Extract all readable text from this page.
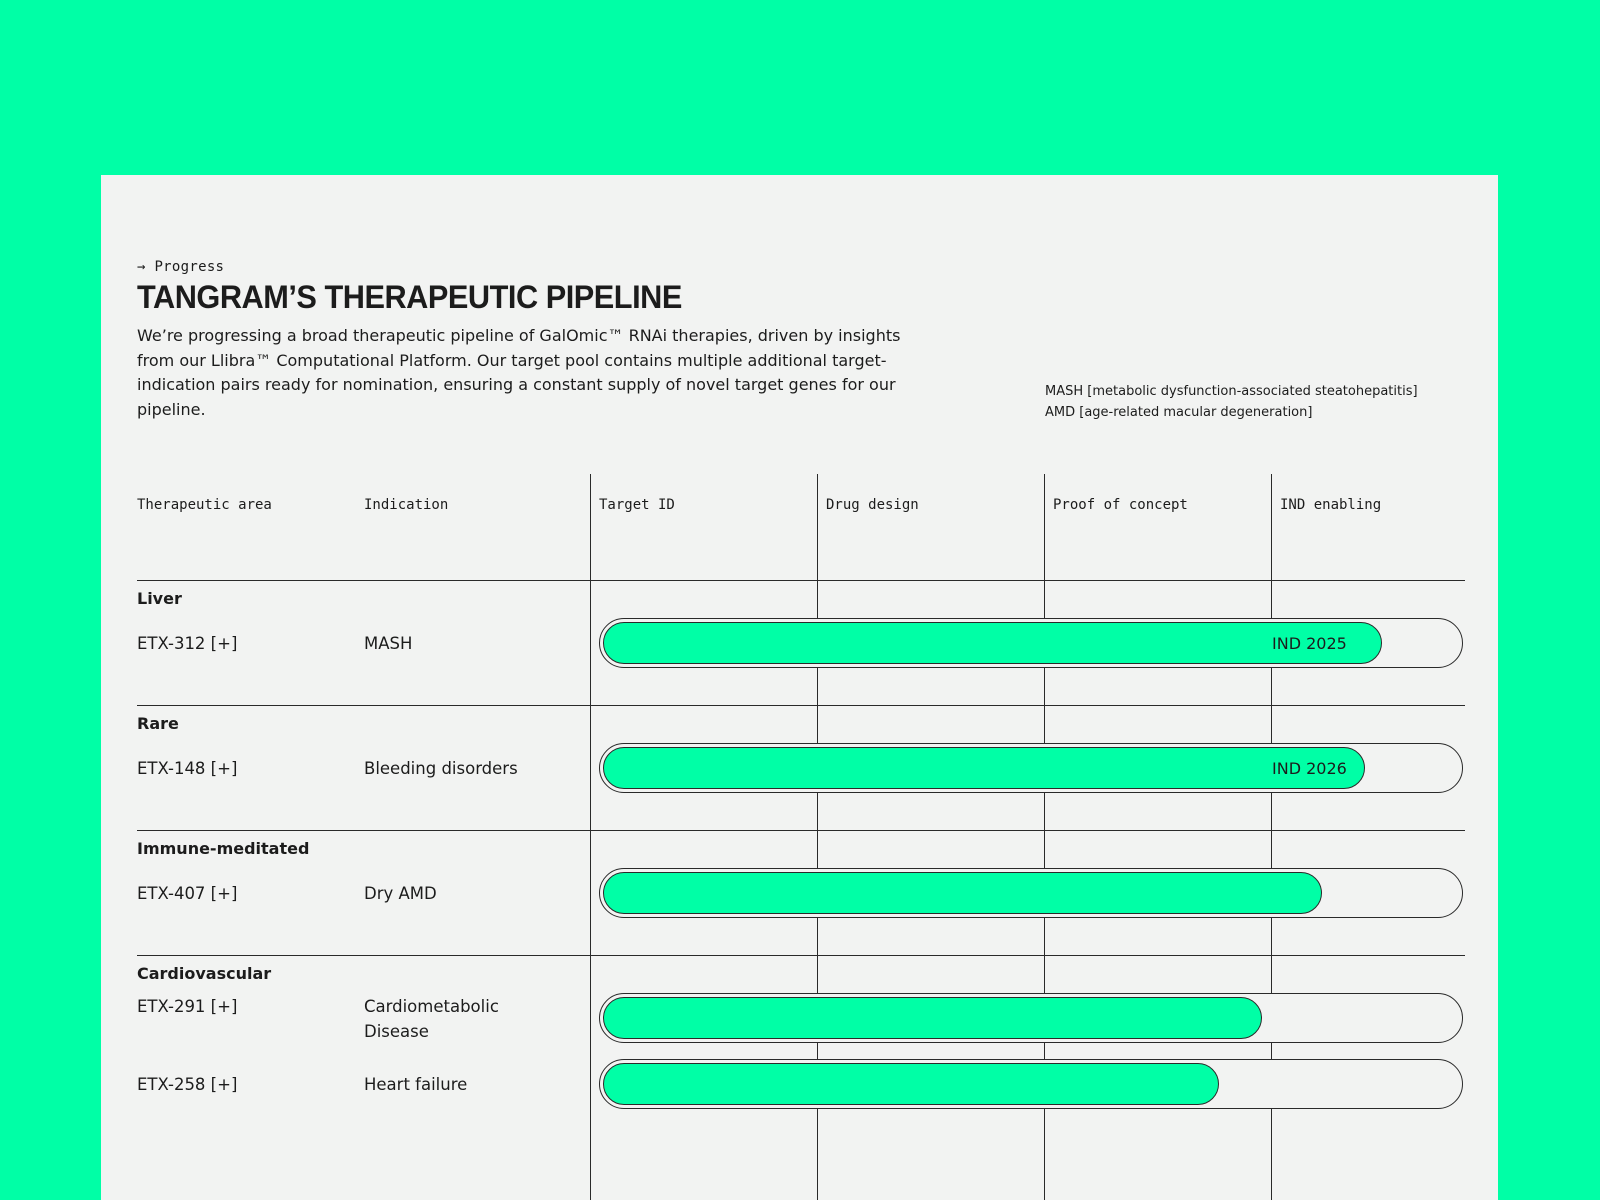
→ Progress
TANGRAM’S THERAPEUTIC PIPELINE

We’re progressing a broad therapeutic pipeline of GalOmic™ RNAi therapies, driven by insights from our Llibra™ Computational Platform. Our target pool contains multiple additional target-indication pairs ready for nomination, ensuring a constant supply of novel target genes for our pipeline.

MASH [metabolic dysfunction-associated steatohepatitis]
AMD [age-related macular degeneration]
Therapeutic area	Indication	Target ID	Drug design	Proof of concept	IND enabling
Liver
ETX-312 [+]	MASH	IND 2025
Rare
ETX-148 [+]	Bleeding disorders	IND 2026
Immune-meditated
ETX-407 [+]	Dry AMD
Cardiovascular
ETX-291 [+]	Cardiometabolic Disease
ETX-258 [+]	Heart failure
